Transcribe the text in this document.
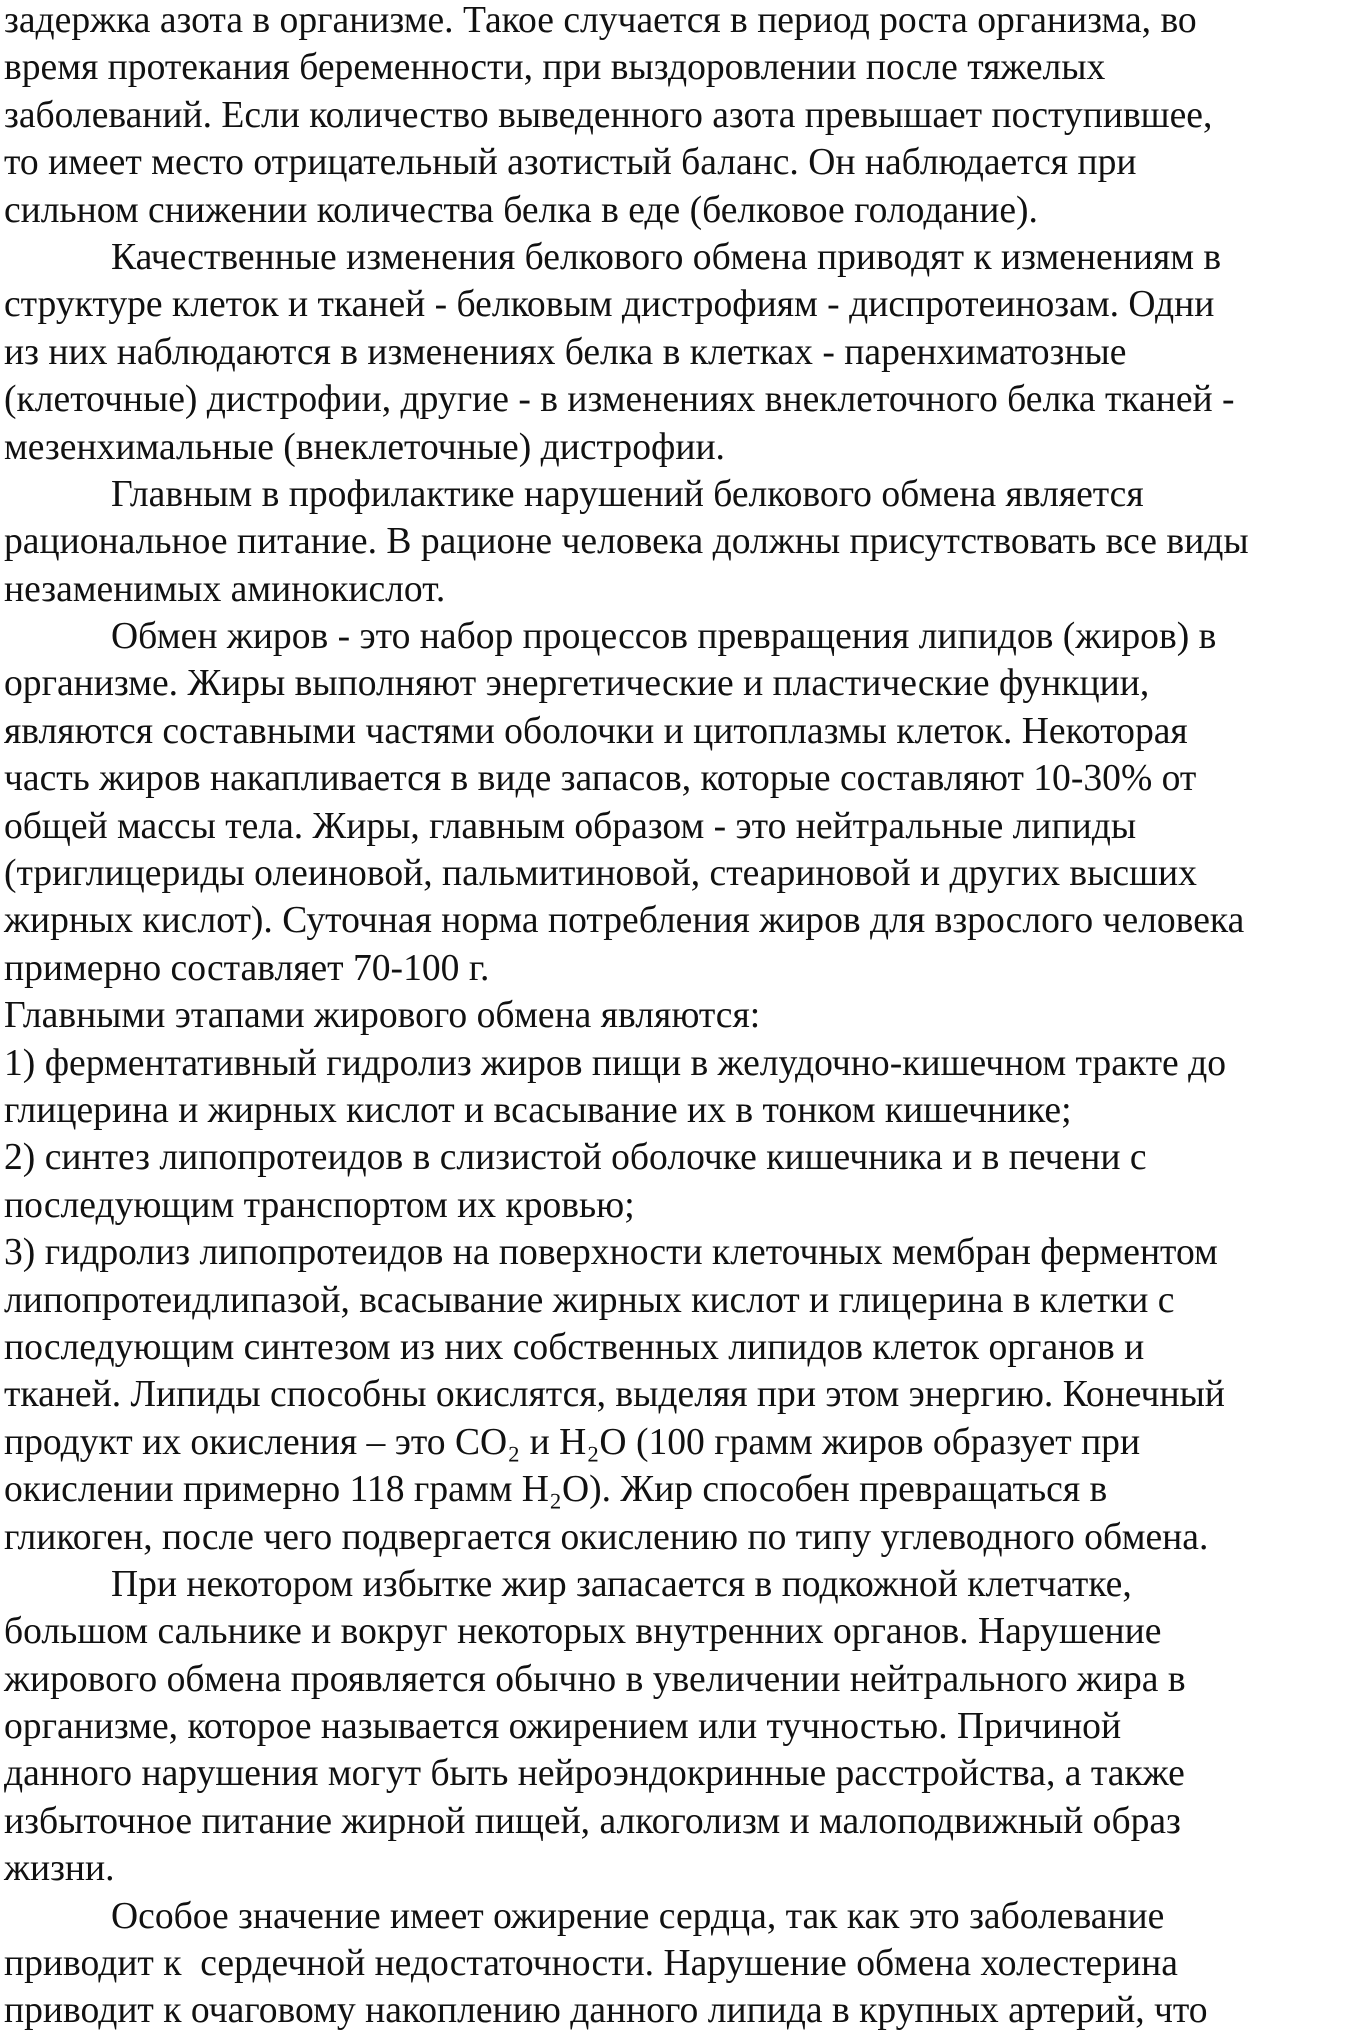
задержка азота в организме. Такое случается в период роста организма, во
время протекания беременности, при выздоровлении после тяжелых
заболеваний. Если количество выведенного азота превышает поступившее,
то имеет место отрицательный азотистый баланс. Он наблюдается при
сильном снижении количества белка в еде (белковое голодание).
Качественные изменения белкового обмена приводят к изменениям в
структуре клеток и тканей - белковым дистрофиям - диспротеинозам. Одни
из них наблюдаются в изменениях белка в клетках - паренхиматозные
(клеточные) дистрофии, другие - в изменениях внеклеточного белка тканей -
мезенхимальные (внеклеточные) дистрофии.
Главным в профилактике нарушений белкового обмена является
рациональное питание. В рационе человека должны присутствовать все виды
незаменимых аминокислот.
Обмен жиров - это набор процессов превращения липидов (жиров) в
организме. Жиры выполняют энергетические и пластические функции,
являются составными частями оболочки и цитоплазмы клеток. Некоторая
часть жиров накапливается в виде запасов, которые составляют 10-30% от
общей массы тела. Жиры, главным образом - это нейтральные липиды
(триглицериды олеиновой, пальмитиновой, стеариновой и других высших
жирных кислот). Суточная норма потребления жиров для взрослого человека
примерно составляет 70-100 г.
Главными этапами жирового обмена являются:
1) ферментативный гидролиз жиров пищи в желудочно-кишечном тракте до
глицерина и жирных кислот и всасывание их в тонком кишечнике;
2) синтез липопротеидов в слизистой оболочке кишечника и в печени с
последующим транспортом их кровью;
3) гидролиз липопротеидов на поверхности клеточных мембран ферментом
липопротеидлипазой, всасывание жирных кислот и глицерина в клетки с
последующим синтезом из них собственных липидов клеток органов и
тканей. Липиды способны окислятся, выделяя при этом энергию. Конечный
продукт их окисления – это CO₂ и H₂O (100 грамм жиров образует при
окислении примерно 118 грамм H₂O). Жир способен превращаться в
гликоген, после чего подвергается окислению по типу углеводного обмена.
При некотором избытке жир запасается в подкожной клетчатке,
большом сальнике и вокруг некоторых внутренних органов. Нарушение
жирового обмена проявляется обычно в увеличении нейтрального жира в
организме, которое называется ожирением или тучностью. Причиной
данного нарушения могут быть нейроэндокринные расстройства, а также
избыточное питание жирной пищей, алкоголизм и малоподвижный образ
жизни.
Особое значение имеет ожирение сердца, так как это заболевание
приводит к  сердечной недостаточности. Нарушение обмена холестерина
приводит к очаговому накоплению данного липида в крупных артерий, что
